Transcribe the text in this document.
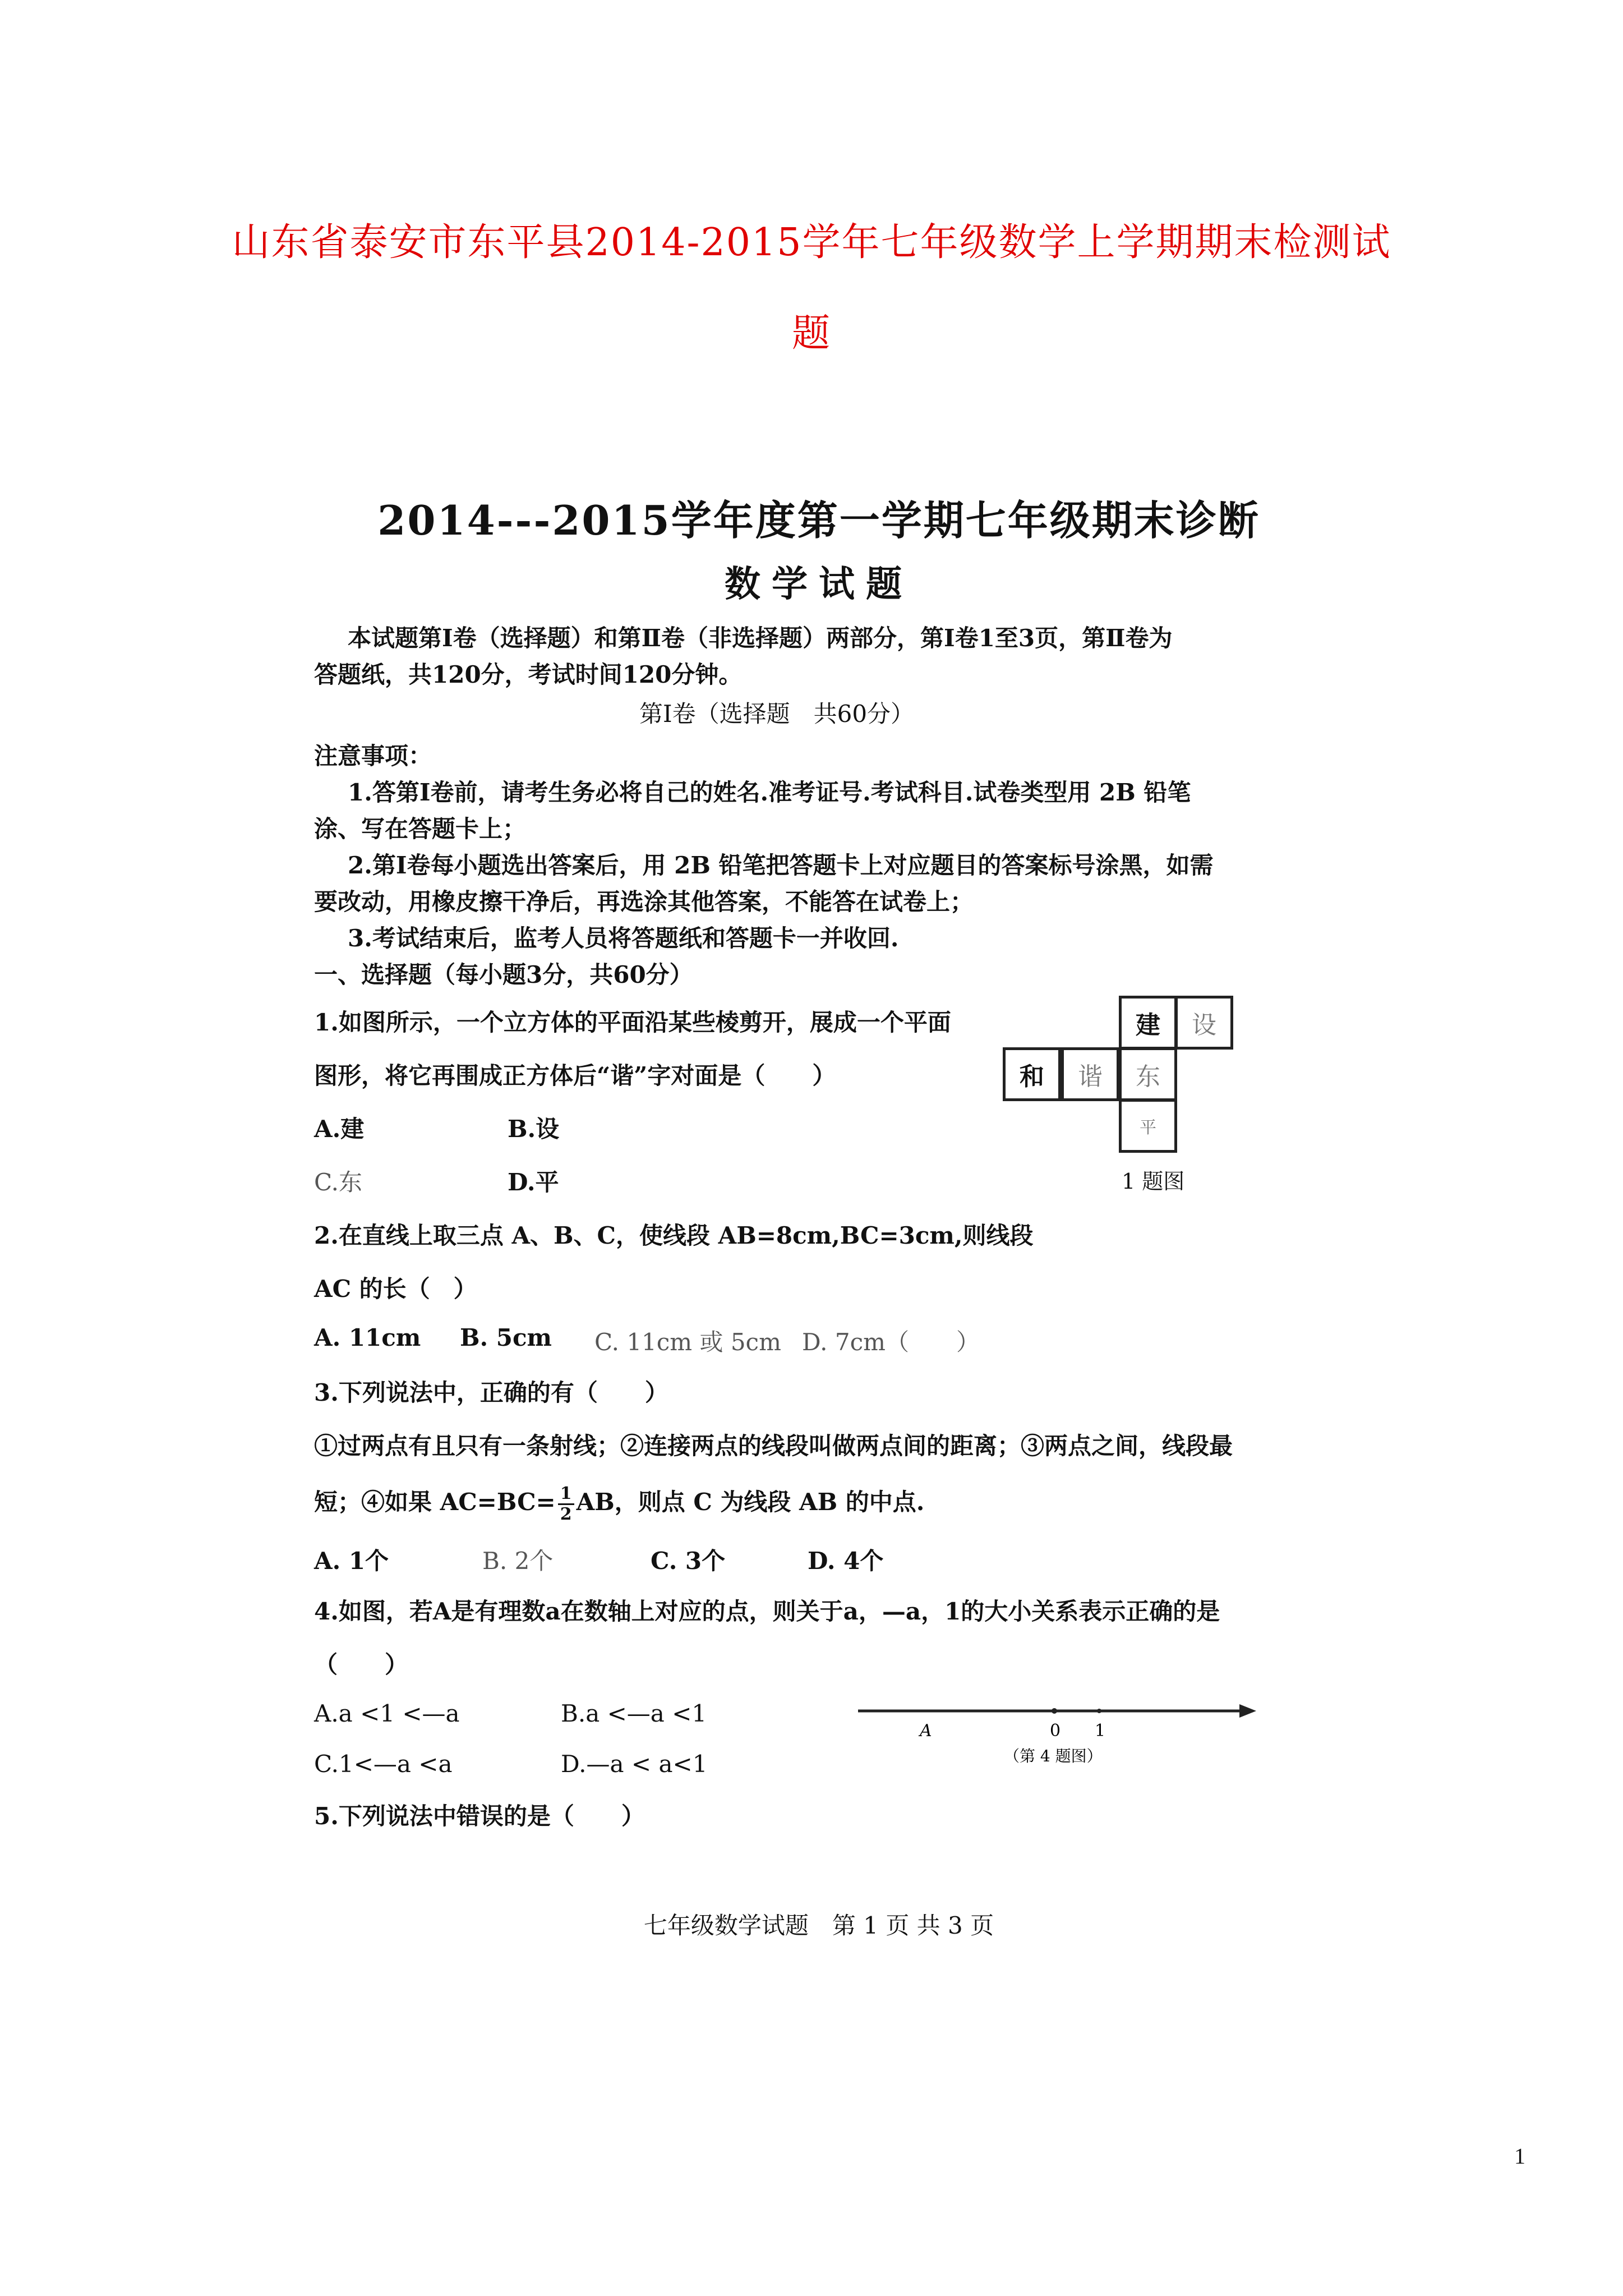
山东省泰安市东平县2014-2015学年七年级数学上学期期末检测试
题
2014---2015学年度第一学期七年级期末诊断
数学试题
本试题第Ⅰ卷（选择题）和第Ⅱ卷（非选择题）两部分，第Ⅰ卷1至3页，第Ⅱ卷为
答题纸，共120分，考试时间120分钟。
第Ⅰ卷（选择题　共60分）
注意事项：
1.答第Ⅰ卷前，请考生务必将自己的姓名.准考证号.考试科目.试卷类型用 2B 铅笔
涂、写在答题卡上；
2.第Ⅰ卷每小题选出答案后，用 2B 铅笔把答题卡上对应题目的答案标号涂黑，如需
要改动，用橡皮擦干净后，再选涂其他答案，不能答在试卷上；
3.考试结束后，监考人员将答题纸和答题卡一并收回.
一、选择题（每小题3分，共60分）
1.如图所示，一个立方体的平面沿某些棱剪开，展成一个平面
图形，将它再围成正方体后“谐”字对面是（　　）
A.建	B.设
C.东	D.平
建	设
和	谐	东
平
1 题图
2.在直线上取三点 A、B、C，使线段 AB=8cm,BC=3cm,则线段
AC 的长（　）
A. 11cm B. 5cm C. 11cm 或 5cm D. 7cm（　　）
3.下列说法中，正确的有（　　）
①过两点有且只有一条射线；②连接两点的线段叫做两点间的距离；③两点之间，线段最
短；④如果 $AC=BC= \frac{1}{2}$ AB，则点 C 为线段 AB 的中点.
A. 1个	B. 2个	C. 3个	D. 4个
4.如图，若A是有理数a在数轴上对应的点，则关于a，—a，1的大小关系表示正确的是
（　　）
A.a <1 <—a	B.a <—a <1
C.1<—a <a	D.—a < a<1
A	0 1
（第 4 题图）
5.下列说法中错误的是（　　）
七年级数学试题　第 1 页 共 3 页
1
